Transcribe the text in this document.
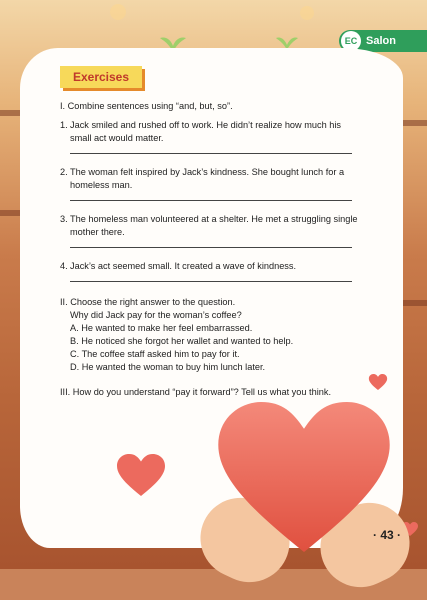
EC Salon
Exercises
I. Combine sentences using “and, but, so”.
1. Jack smiled and rushed off to work. He didn’t realize how much his small act would matter.
2. The woman felt inspired by Jack’s kindness. She bought lunch for a homeless man.
3. The homeless man volunteered at a shelter. He met a struggling single mother there.
4. Jack’s act seemed small. It created a wave of kindness.
II. Choose the right answer to the question.
Why did Jack pay for the woman’s coffee?
A. He wanted to make her feel embarrassed.
B. He noticed she forgot her wallet and wanted to help.
C. The coffee staff asked him to pay for it.
D. He wanted the woman to buy him lunch later.
III. How do you understand “pay it forward”? Tell us what you think.
· 43 ·
